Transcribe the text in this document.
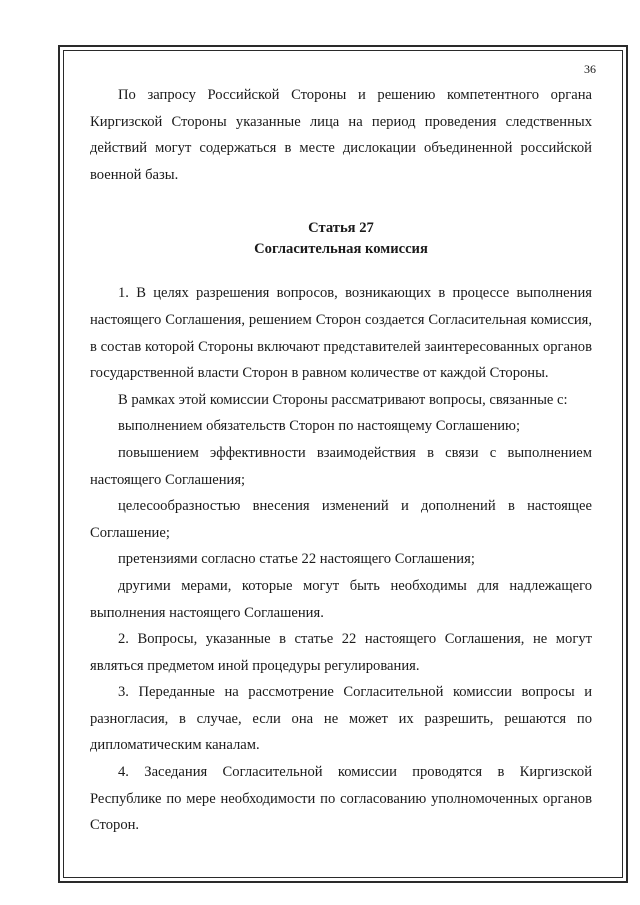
36

По запросу Российской Стороны и решению компетентного органа Киргизской Стороны указанные лица на период проведения следственных действий могут содержаться в месте дислокации объединенной российской военной базы.

Статья 27
Согласительная комиссия

1. В целях разрешения вопросов, возникающих в процессе выполнения настоящего Соглашения, решением Сторон создается Согласительная комиссия, в состав которой Стороны включают представителей заинтересованных органов государственной власти Сторон в равном количестве от каждой Стороны.

В рамках этой комиссии Стороны рассматривают вопросы, связанные с:

выполнением обязательств Сторон по настоящему Соглашению;

повышением эффективности взаимодействия в связи с выполнением настоящего Соглашения;

целесообразностью внесения изменений и дополнений в настоящее Соглашение;

претензиями согласно статье 22 настоящего Соглашения;

другими мерами, которые могут быть необходимы для надлежащего выполнения настоящего Соглашения.

2. Вопросы, указанные в статье 22 настоящего Соглашения, не могут являться предметом иной процедуры регулирования.

3. Переданные на рассмотрение Согласительной комиссии вопросы и разногласия, в случае, если она не может их разрешить, решаются по дипломатическим каналам.

4. Заседания Согласительной комиссии проводятся в Киргизской Республике по мере необходимости по согласованию уполномоченных органов Сторон.
